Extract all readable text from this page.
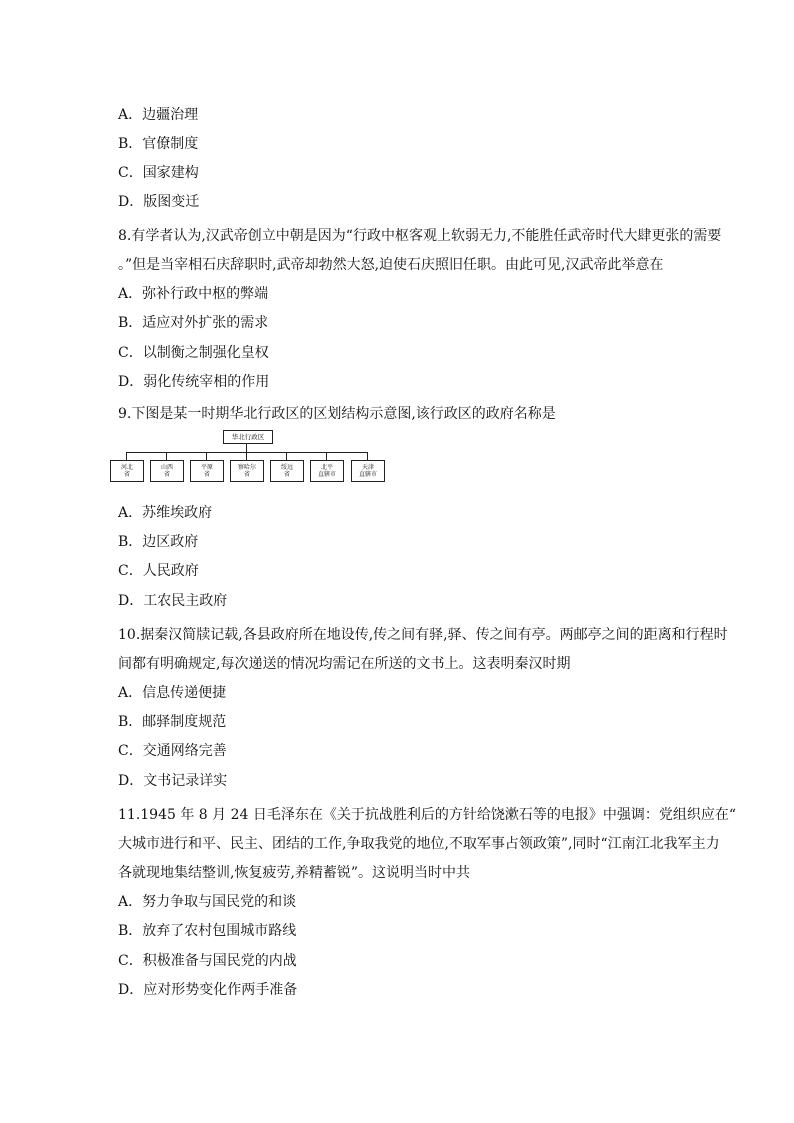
A．边疆治理
B．官僚制度
C．国家建构
D．版图变迁
8.有学者认为,汉武帝创立中朝是因为“行政中枢客观上软弱无力,不能胜任武帝时代大肆更张的需要
。”但是当宰相石庆辞职时,武帝却勃然大怒,迫使石庆照旧任职。由此可见,汉武帝此举意在
A．弥补行政中枢的弊端
B．适应对外扩张的需求
C．以制衡之制强化皇权
D．弱化传统宰相的作用
9.下图是某一时期华北行政区的区划结构示意图,该行政区的政府名称是
华北行政区
河北
省
山西
省
平原
省
察哈尔
省
绥远
省
北平
直辖市
天津
直辖市
A．苏维埃政府
B．边区政府
C．人民政府
D．工农民主政府
10.据秦汉简牍记载,各县政府所在地设传,传之间有驿,驿、传之间有亭。两邮亭之间的距离和行程时
间都有明确规定,每次递送的情况均需记在所送的文书上。这表明秦汉时期
A．信息传递便捷
B．邮驿制度规范
C．交通网络完善
D．文书记录详实
11.1945 年 8 月 24 日毛泽东在《关于抗战胜利后的方针给饶漱石等的电报》中强调：党组织应在“
大城市进行和平、民主、团结的工作,争取我党的地位,不取军事占领政策”,同时“江南江北我军主力
各就现地集结整训,恢复疲劳,养精蓄锐”。这说明当时中共
A．努力争取与国民党的和谈
B．放弃了农村包围城市路线
C．积极准备与国民党的内战
D．应对形势变化作两手准备
